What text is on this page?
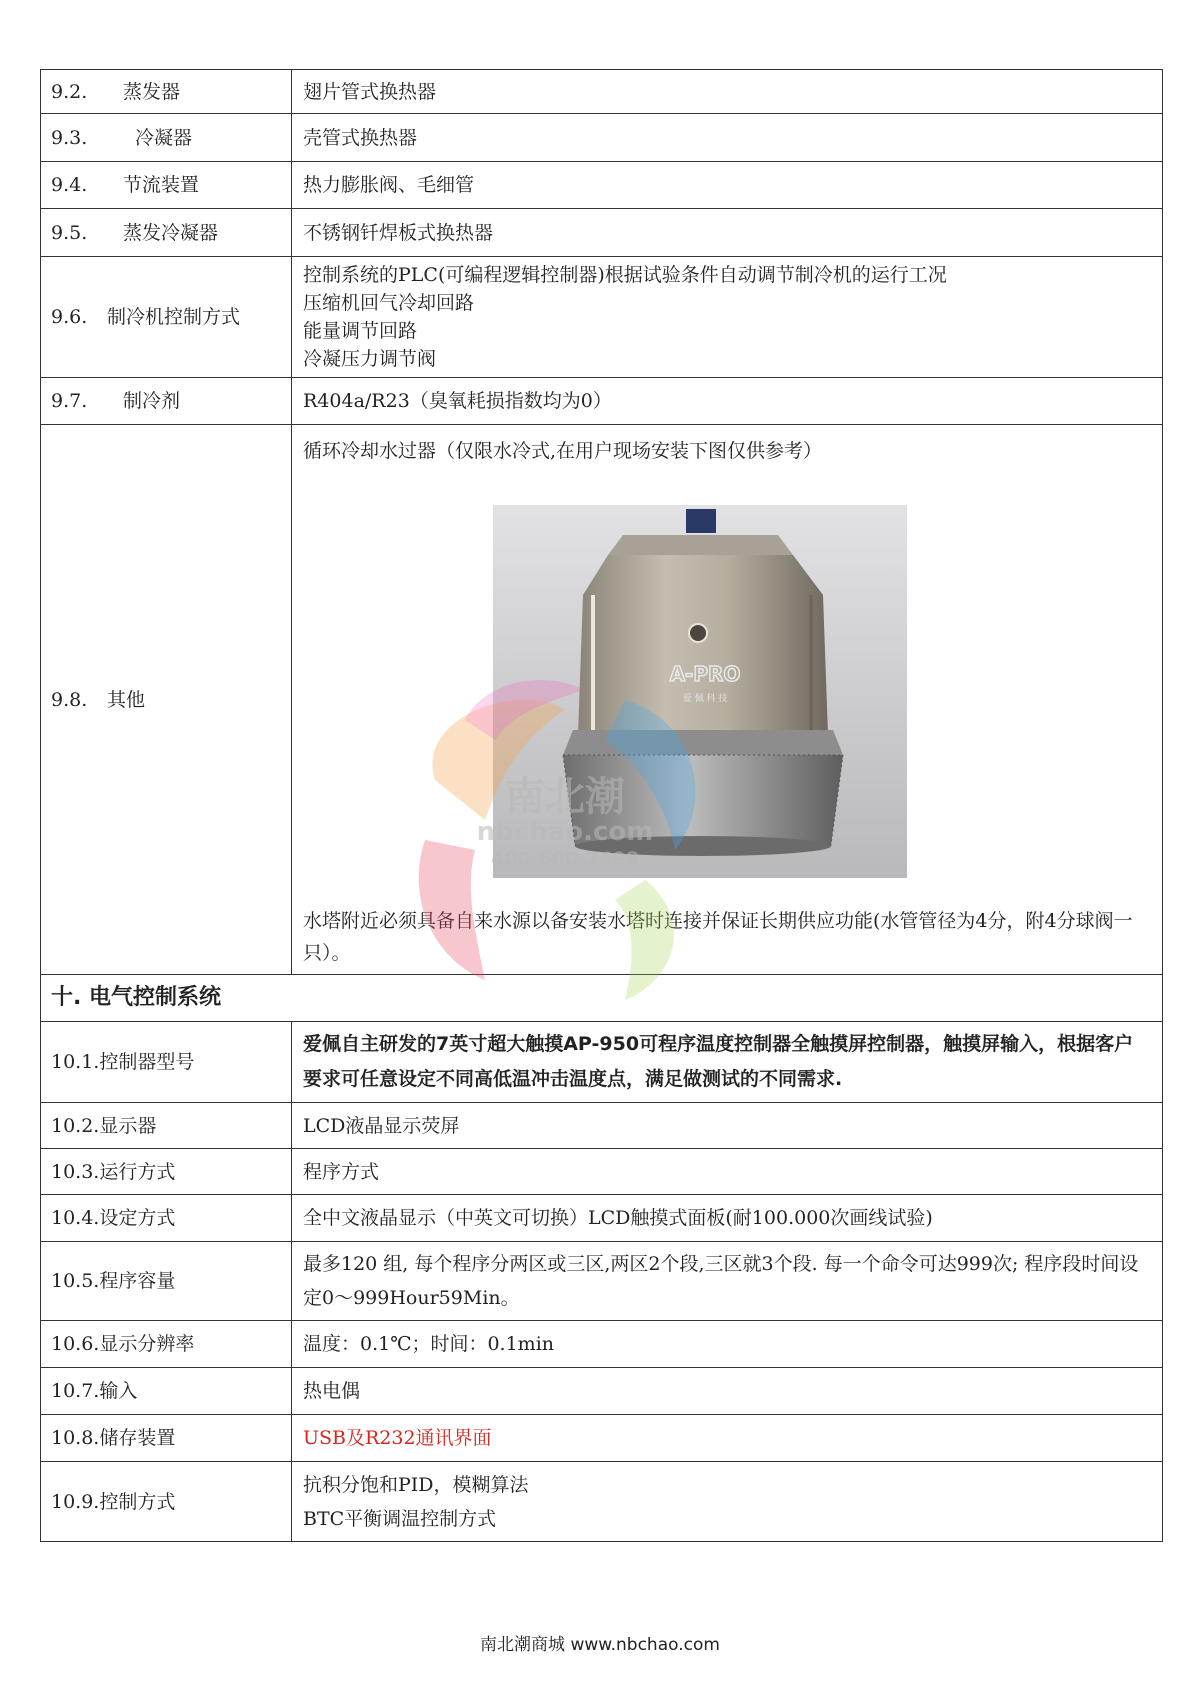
9.2. 蒸发器	翅片管式换热器
9.3. 冷凝器	壳管式换热器
9.4. 节流装置	热力膨胀阀、毛细管
9.5. 蒸发冷凝器	不锈钢钎焊板式换热器
9.6. 制冷机控制方式	控制系统的PLC(可编程逻辑控制器)根据试验条件自动调节制冷机的运行工况
压缩机回气冷却回路
能量调节回路
冷凝压力调节阀

9.7. 制冷剂	R404a/R23（臭氧耗损指数均为0）
9.8. 其他	循环冷却水过器（仅限水冷式,在用户现场安装下图仅供参考）
A-PRO
爱 佩 科 技
水塔附近必须具备自来水源以备安装水塔时连接并保证长期供应功能(水管管径为4分，附4分球阀一只）。

十. 电气控制系统	
10.1.控制器型号	爱佩自主研发的7英寸超大触摸AP-950可程序温度控制器全触摸屏控制器，触摸屏输入，根据客户要求可任意设定不同高低温冲击温度点，满足做测试的不同需求.
10.2.显示器	LCD液晶显示荧屏
10.3.运行方式	程序方式
10.4.设定方式	全中文液晶显示（中英文可切换）LCD触摸式面板(耐100.000次画线试验)
10.5.程序容量	最多120 组, 每个程序分两区或三区,两区2个段,三区就3个段. 每一个命令可达999次; 程序段时间设定0～999Hour59Min。
10.6.显示分辨率	温度：0.1℃；时间：0.1min
10.7.输入	热电偶
10.8.储存装置	USB及R232通讯界面
10.9.控制方式	抗积分饱和PID，模糊算法
BTC平衡调温控制方式
南北潮
nbchao.com
400-600-7498
南北潮商城 www.nbchao.com
